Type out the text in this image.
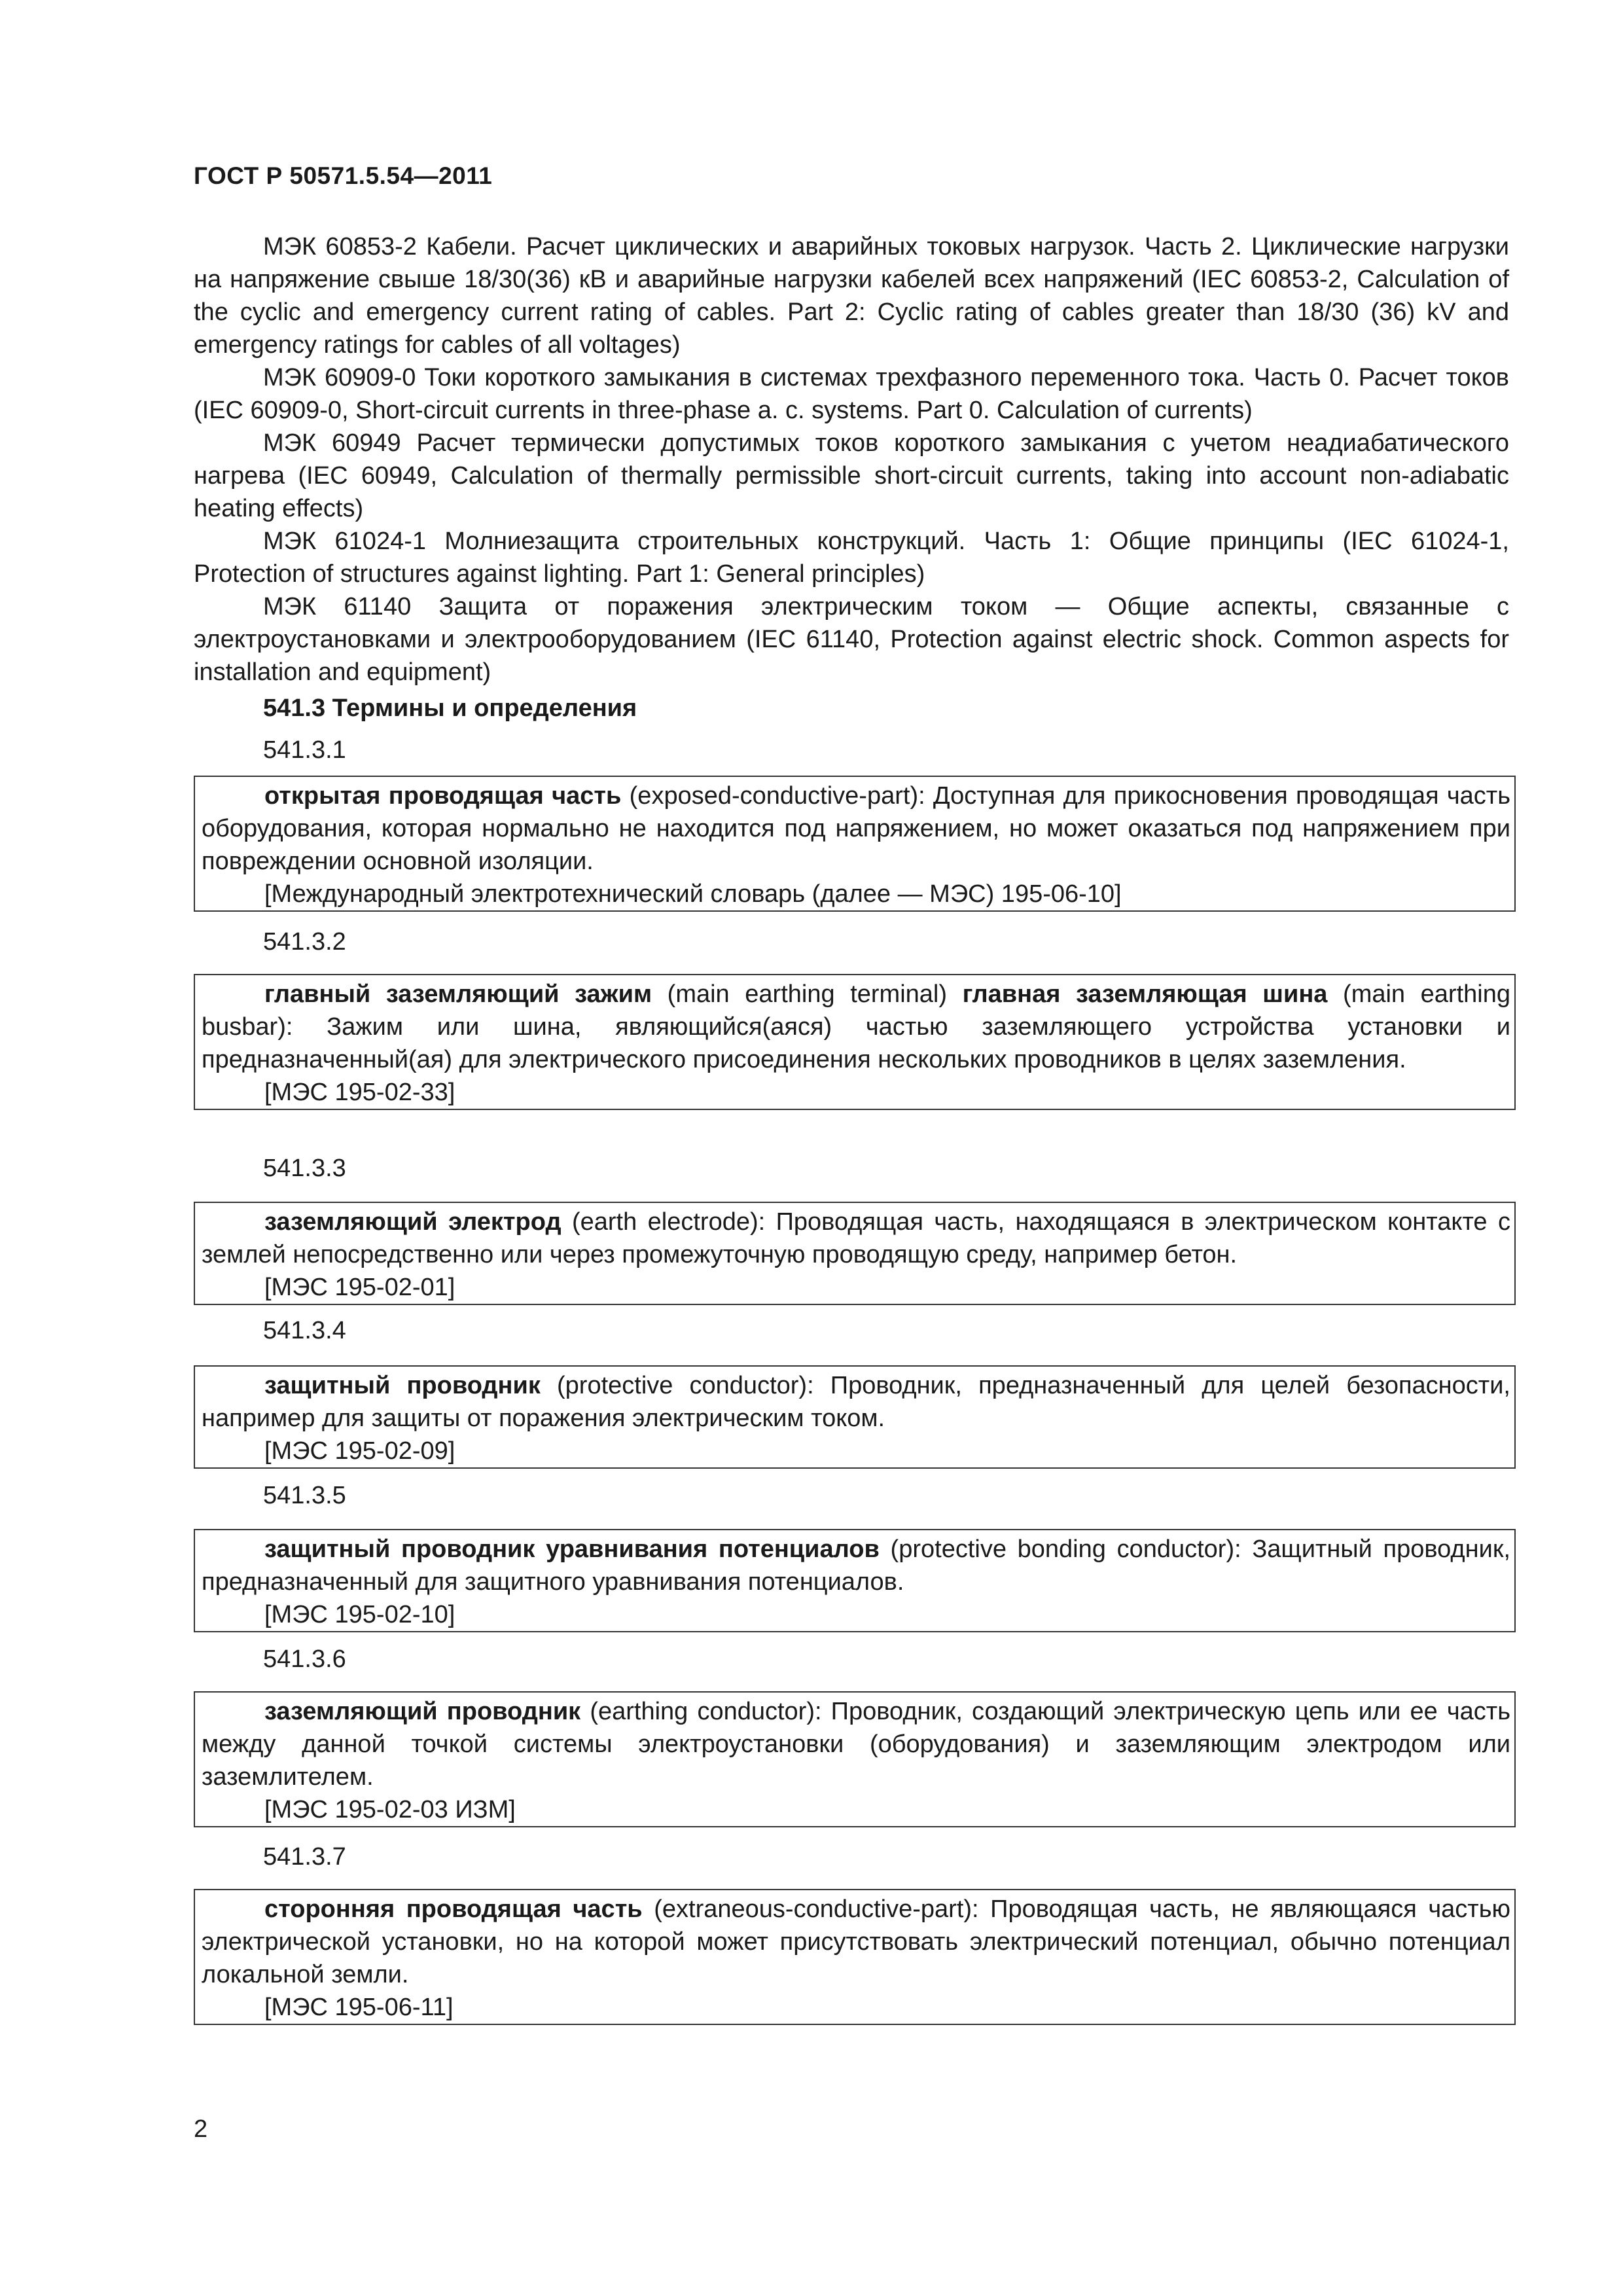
ГОСТ Р 50571.5.54—2011

МЭК 60853-2 Кабели. Расчет циклических и аварийных токовых нагрузок. Часть 2. Циклические нагрузки на напряжение свыше 18/30(36) кВ и аварийные нагрузки кабелей всех напряжений (IEC 60853-2, Calculation of the cyclic and emergency current rating of cables. Part 2: Cyclic rating of cables greater than 18/30 (36) kV and emergency ratings for cables of all voltages)

МЭК 60909-0 Токи короткого замыкания в системах трехфазного переменного тока. Часть 0. Расчет токов (IEC 60909-0, Short-circuit currents in three-phase a. c. systems. Part 0. Calculation of currents)

МЭК 60949 Расчет термически допустимых токов короткого замыкания с учетом неадиабатического нагрева (IEC 60949, Calculation of thermally permissible short-circuit currents, taking into account non-adiabatic heating effects)

МЭК 61024-1 Молниезащита строительных конструкций. Часть 1: Общие принципы (IEC 61024-1, Protection of structures against lighting. Part 1: General principles)

МЭК 61140 Защита от поражения электрическим током — Общие аспекты, связанные с электроустановками и электрооборудованием (IEC 61140, Protection against electric shock. Common aspects for installation and equipment)

541.3 Термины и определения
541.3.1

открытая проводящая часть (exposed-conductive-part): Доступная для прикосновения проводящая часть оборудования, которая нормально не находится под напряжением, но может оказаться под напряжением при повреждении основной изоляции.

[Международный электротехнический словарь (далее — МЭС) 195-06-10]
541.3.2

главный заземляющий зажим (main earthing terminal) главная заземляющая шина (main earthing busbar): Зажим или шина, являющийся(аяся) частью заземляющего устройства установки и предназначенный(ая) для электрического присоединения нескольких проводников в целях заземления.

[МЭС 195-02-33]
541.3.3

заземляющий электрод (earth electrode): Проводящая часть, находящаяся в электрическом контакте с землей непосредственно или через промежуточную проводящую среду, например бетон.

[МЭС 195-02-01]
541.3.4

защитный проводник (protective conductor): Проводник, предназначенный для целей безопасности, например для защиты от поражения электрическим током.

[МЭС 195-02-09]
541.3.5

защитный проводник уравнивания потенциалов (protective bonding conductor): Защитный проводник, предназначенный для защитного уравнивания потенциалов.

[МЭС 195-02-10]
541.3.6

заземляющий проводник (earthing conductor): Проводник, создающий электрическую цепь или ее часть между данной точкой системы электроустановки (оборудования) и заземляющим электродом или заземлителем.

[МЭС 195-02-03 ИЗМ]
541.3.7

сторонняя проводящая часть (extraneous-conductive-part): Проводящая часть, не являющаяся частью электрической установки, но на которой может присутствовать электрический потенциал, обычно потенциал локальной земли.

[МЭС 195-06-11]
2
